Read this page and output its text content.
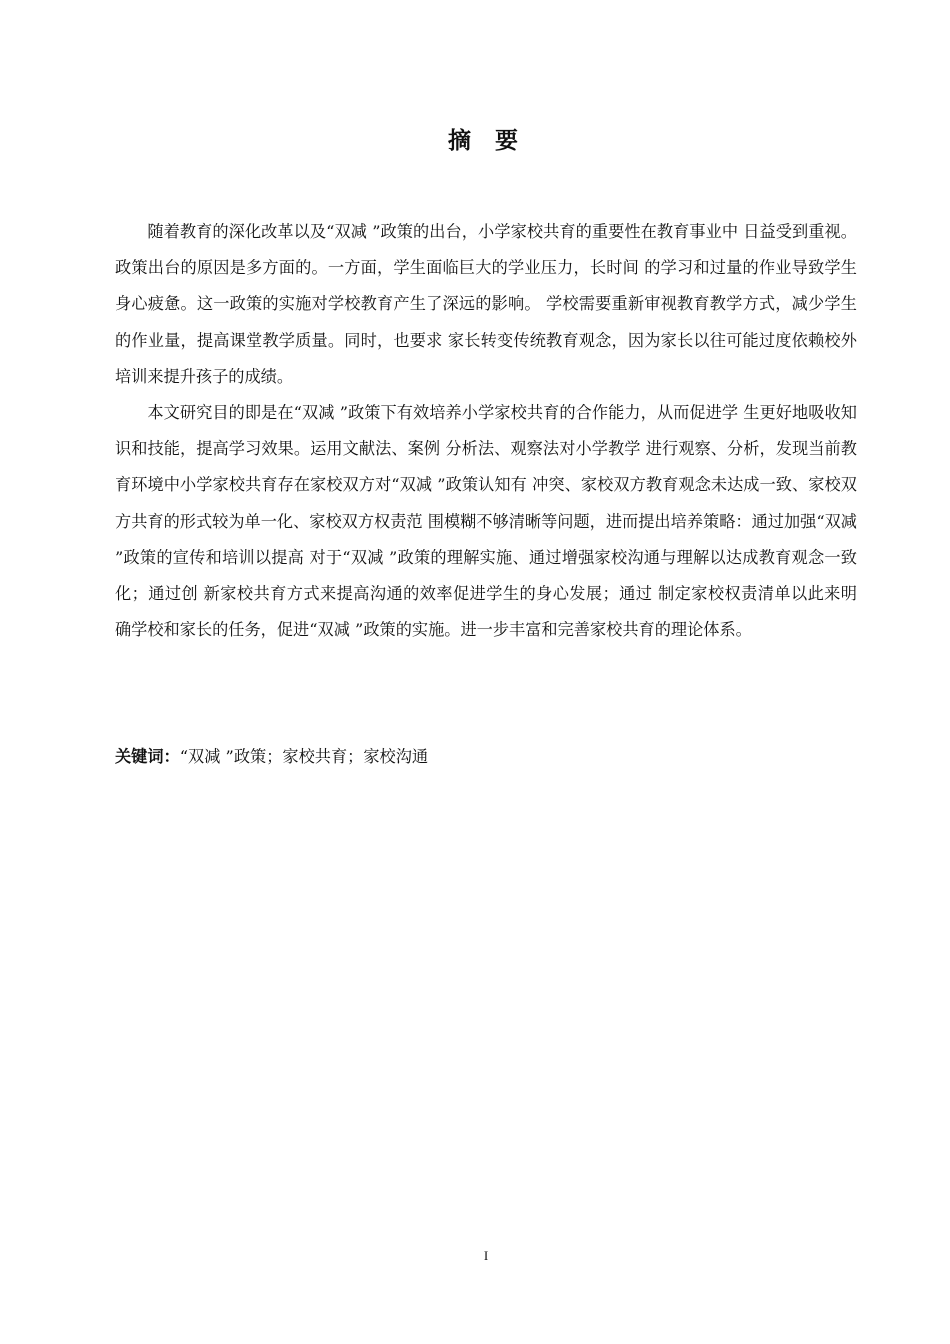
摘 要

随着教育的深化改革以及“双减 ”政策的出台，小学家校共育的重要性在教育事业中 日益受到重视。政策出台的原因是多方面的。一方面，学生面临巨大的学业压力，长时间 的学习和过量的作业导致学生身心疲惫。这一政策的实施对学校教育产生了深远的影响。 学校需要重新审视教育教学方式，减少学生的作业量，提高课堂教学质量。同时，也要求 家长转变传统教育观念，因为家长以往可能过度依赖校外培训来提升孩子的成绩。

本文研究目的即是在“双减 ”政策下有效培养小学家校共育的合作能力，从而促进学 生更好地吸收知识和技能，提高学习效果。运用文献法、案例 分析法、观察法对小学教学 进行观察、分析，发现当前教育环境中小学家校共育存在家校双方对“双减 ”政策认知有 冲突、家校双方教育观念未达成一致、家校双方共育的形式较为单一化、家校双方权责范 围模糊不够清晰等问题，进而提出培养策略：通过加强“双减 ”政策的宣传和培训以提高 对于“双减 ”政策的理解实施、通过增强家校沟通与理解以达成教育观念一致化；通过创 新家校共育方式来提高沟通的效率促进学生的身心发展；通过 制定家校权责清单以此来明 确学校和家长的任务，促进“双减 ”政策的实施。进一步丰富和完善家校共育的理论体系。

关键词：“双减 ”政策；家校共育；家校沟通
I
